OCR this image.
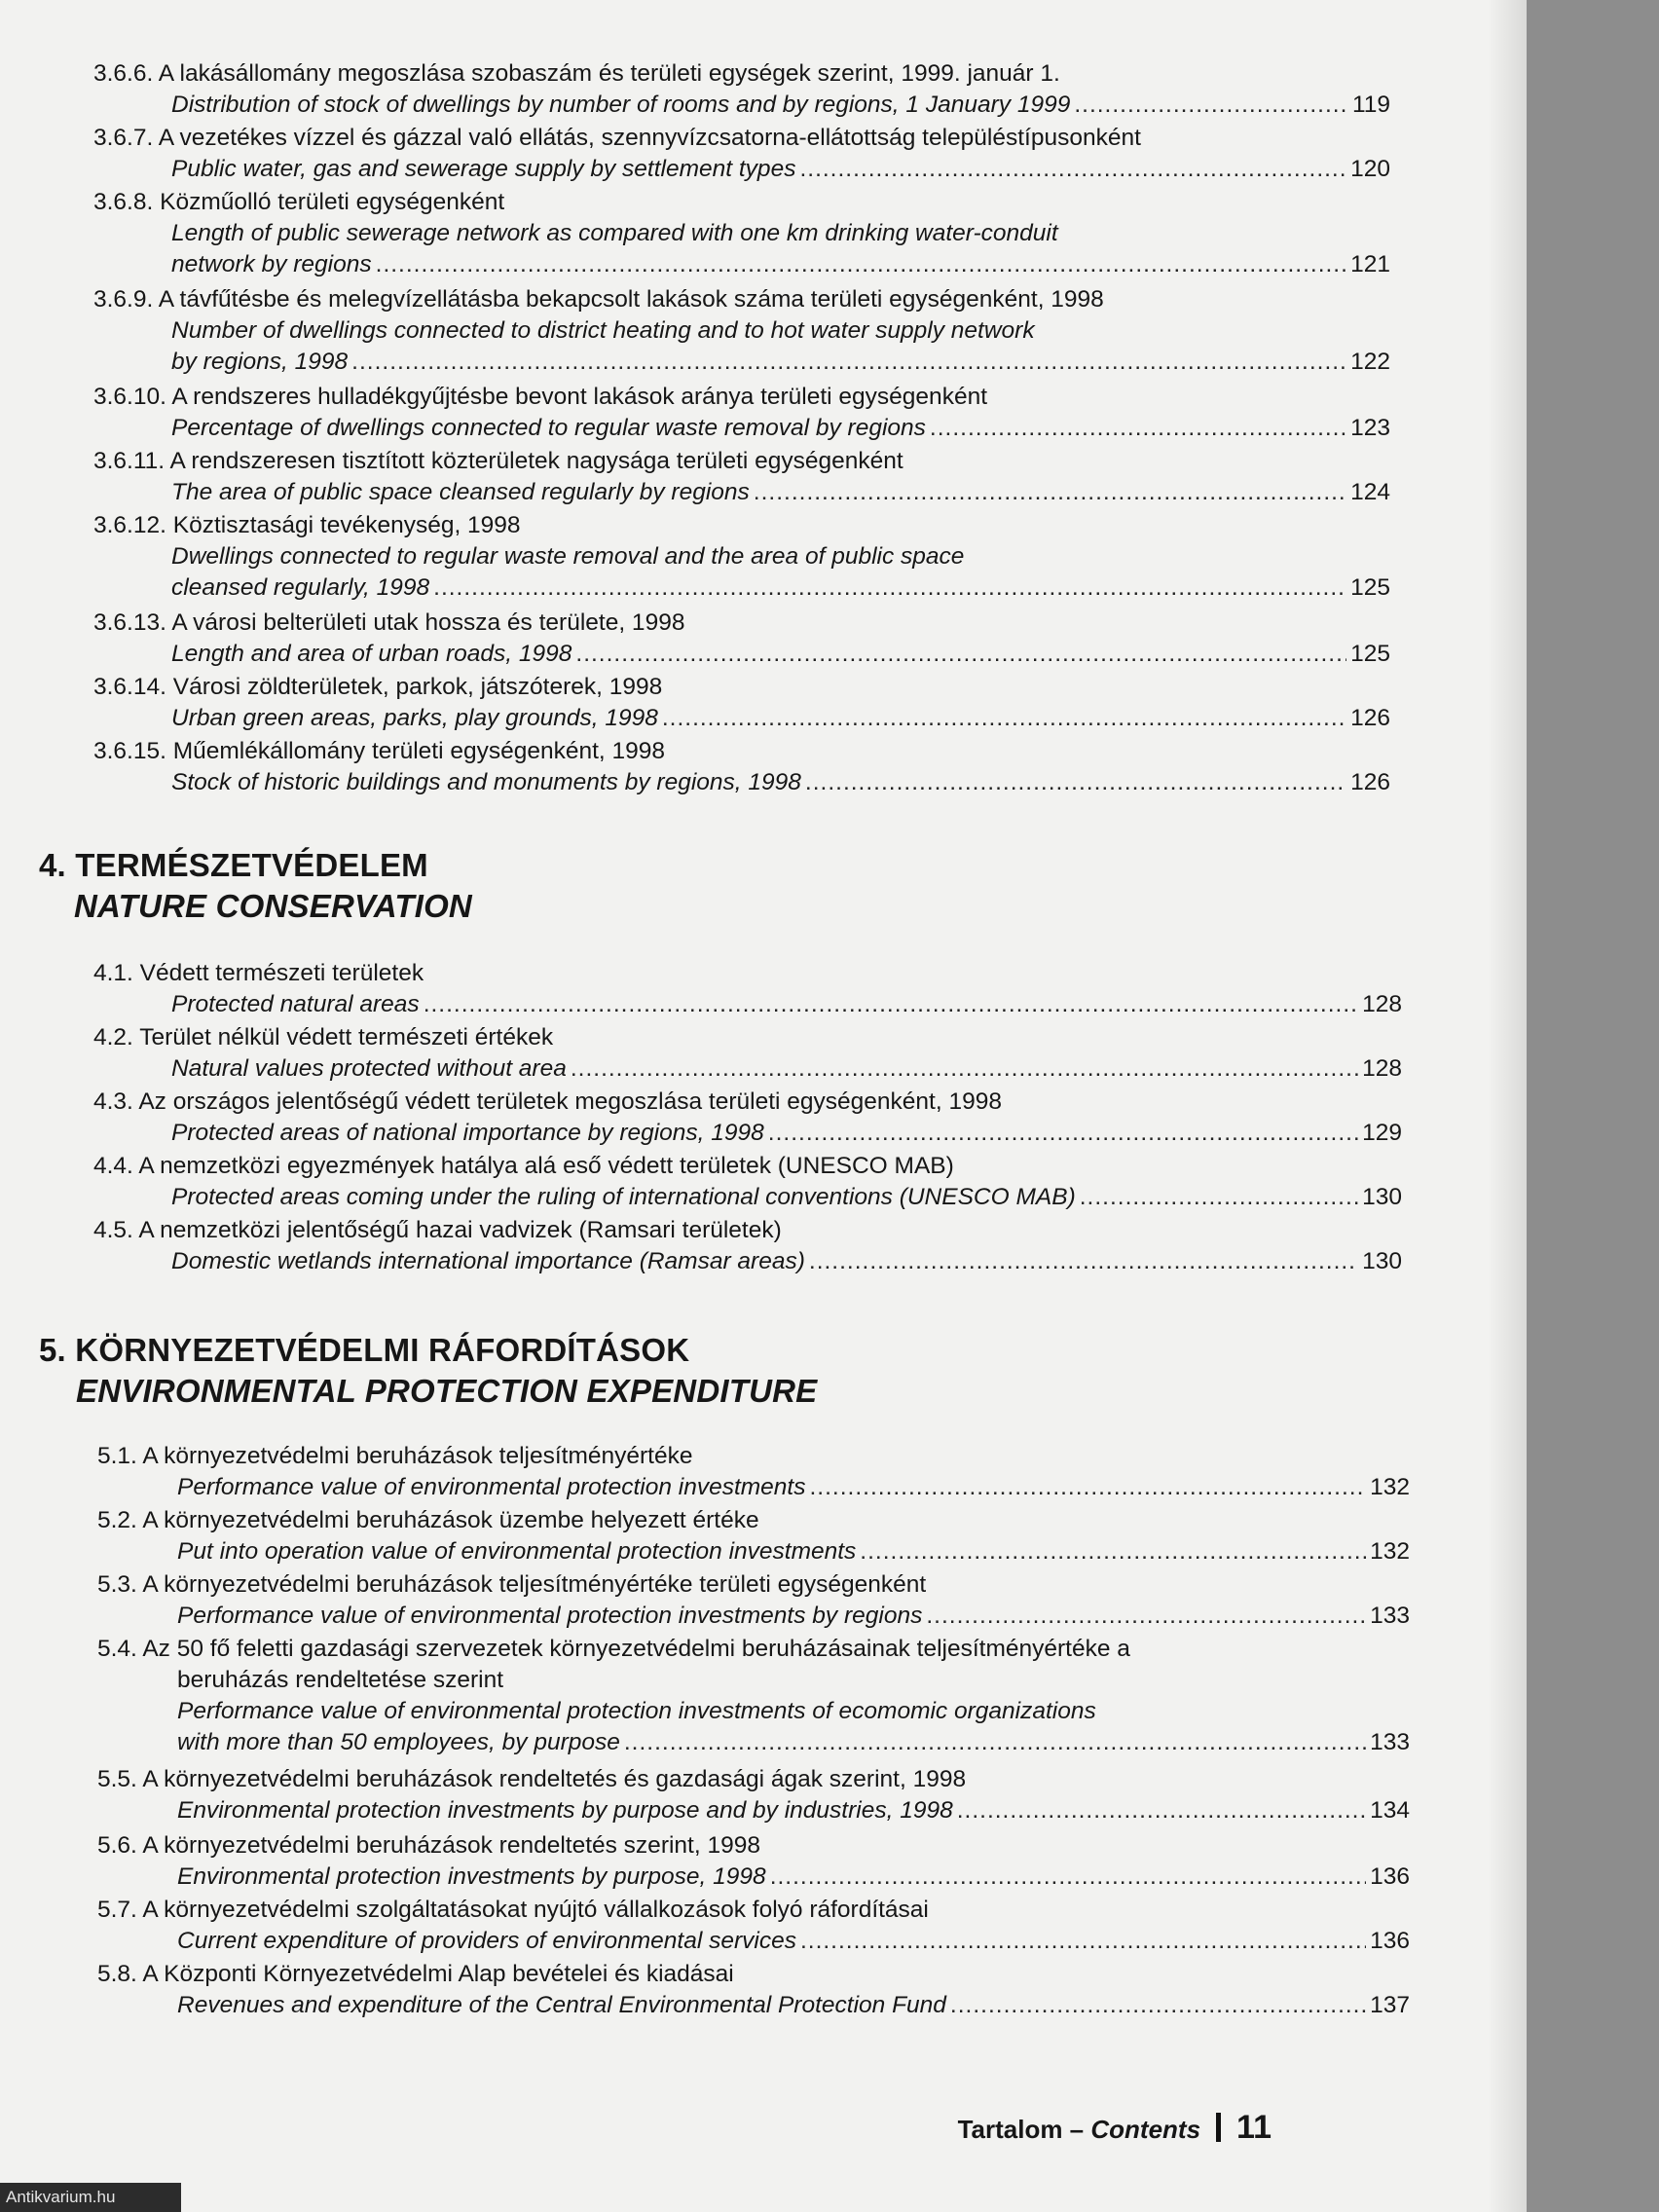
3.6.6. A lakásállomány megoszlása szobaszám és területi egységek szerint, 1999. január 1.
Distribution of stock of dwellings by number of rooms and by regions, 1 January 1999 .....	119
3.6.7. A vezetékes vízzel és gázzal való ellátás, szennyvízcsatorna-ellátottság településtípusonként
Public water, gas and sewerage supply by settlement types .....	120
3.6.8. Közműolló területi egységenként
Length of public sewerage network as compared with one km drinking water-conduit
network by regions .....	121
3.6.9. A távfűtésbe és melegvízellátásba bekapcsolt lakások száma területi egységenként, 1998
Number of dwellings connected to district heating and to hot water supply network
by regions, 1998 .....	122
3.6.10. A rendszeres hulladékgyűjtésbe bevont lakások aránya területi egységenként
Percentage of dwellings connected to regular waste removal by regions .....	123
3.6.11. A rendszeresen tisztított közterületek nagysága területi egységenként
The area of public space cleansed regularly by regions .....	124
3.6.12. Köztisztasági tevékenység, 1998
Dwellings connected to regular waste removal and the area of public space
cleansed regularly, 1998 .....	125
3.6.13. A városi belterületi utak hossza és területe, 1998
Length and area of urban roads, 1998 .....	125
3.6.14. Városi zöldterületek, parkok, játszóterek, 1998
Urban green areas, parks, play grounds, 1998 .....	126
3.6.15. Műemlékállomány területi egységenként, 1998
Stock of historic buildings and monuments by regions, 1998 .....	126
4. TERMÉSZETVÉDELEM
NATURE CONSERVATION
4.1. Védett természeti területek
Protected natural areas .....	128
4.2. Terület nélkül védett természeti értékek
Natural values protected without area .....	128
4.3. Az országos jelentőségű védett területek megoszlása területi egységenként, 1998
Protected areas of national importance by regions, 1998 .....	129
4.4. A nemzetközi egyezmények hatálya alá eső védett területek (UNESCO MAB)
Protected areas coming under the ruling of international conventions (UNESCO MAB) .....	130
4.5. A nemzetközi jelentőségű hazai vadvizek (Ramsari területek)
Domestic wetlands international importance (Ramsar areas) .....	130
5. KÖRNYEZETVÉDELMI RÁFORDÍTÁSOK
ENVIRONMENTAL PROTECTION EXPENDITURE
5.1. A környezetvédelmi beruházások teljesítményértéke
Performance value of environmental protection investments .....	132
5.2. A környezetvédelmi beruházások üzembe helyezett értéke
Put into operation value of environmental protection investments .....	132
5.3. A környezetvédelmi beruházások teljesítményértéke területi egységenként
Performance value of environmental protection investments by regions .....	133
5.4. Az 50 fő feletti gazdasági szervezetek környezetvédelmi beruházásainak teljesítményértéke a
beruházás rendeltetése szerint
Performance value of environmental protection investments of ecomomic organizations
with more than 50 employees, by purpose .....	133
5.5. A környezetvédelmi beruházások rendeltetés és gazdasági ágak szerint, 1998
Environmental protection investments by purpose and by industries, 1998 .....	134
5.6. A környezetvédelmi beruházások rendeltetés szerint, 1998
Environmental protection investments by purpose, 1998 .....	136
5.7. A környezetvédelmi szolgáltatásokat nyújtó vállalkozások folyó ráfordításai
Current expenditure of providers of environmental services .....	136
5.8. A Központi Környezetvédelmi Alap bevételei és kiadásai
Revenues and expenditure of the Central Environmental Protection Fund .....	137
Tartalom – Contents 11
Antikvarium.hu
